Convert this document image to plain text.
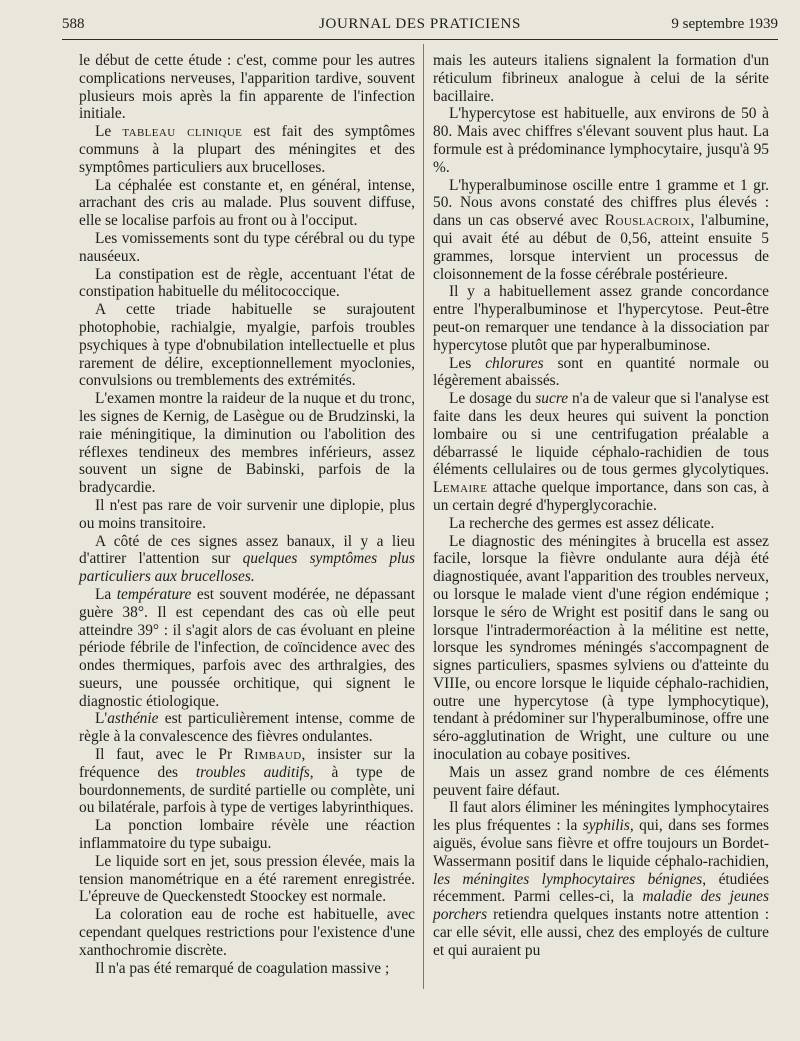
588	JOURNAL DES PRATICIENS	9 septembre 1939

le début de cette étude : c'est, comme pour les autres complications nerveuses, l'apparition tardive, souvent plusieurs mois après la fin apparente de l'infection initiale.

Le tableau clinique est fait des symptômes communs à la plupart des méningites et des symptômes particuliers aux brucelloses.

La céphalée est constante et, en général, intense, arrachant des cris au malade. Plus souvent diffuse, elle se localise parfois au front ou à l'occiput.

Les vomissements sont du type cérébral ou du type nauséeux.

La constipation est de règle, accentuant l'état de constipation habituelle du mélitococcique.

A cette triade habituelle se surajoutent photophobie, rachialgie, myalgie, parfois troubles psychiques à type d'obnubilation intellectuelle et plus rarement de délire, exceptionnellement myoclonies, convulsions ou tremblements des extrémités.

L'examen montre la raideur de la nuque et du tronc, les signes de Kernig, de Lasègue ou de Brudzinski, la raie méningitique, la diminution ou l'abolition des réflexes tendineux des membres inférieurs, assez souvent un signe de Babinski, parfois de la bradycardie.

Il n'est pas rare de voir survenir une diplopie, plus ou moins transitoire.

A côté de ces signes assez banaux, il y a lieu d'attirer l'attention sur quelques symptômes plus particuliers aux brucelloses.

La température est souvent modérée, ne dépassant guère 38°. Il est cependant des cas où elle peut atteindre 39° : il s'agit alors de cas évoluant en pleine période fébrile de l'infection, de coïncidence avec des ondes thermiques, parfois avec des arthralgies, des sueurs, une poussée orchitique, qui signent le diagnostic étiologique.

L'asthénie est particulièrement intense, comme de règle à la convalescence des fièvres ondulantes.

Il faut, avec le Pr Rimbaud, insister sur la fréquence des troubles auditifs, à type de bourdonnements, de surdité partielle ou complète, uni ou bilatérale, parfois à type de vertiges labyrinthiques.

La ponction lombaire révèle une réaction inflammatoire du type subaigu.

Le liquide sort en jet, sous pression élevée, mais la tension manométrique en a été rarement enregistrée. L'épreuve de Queckenstedt Stoockey est normale.

La coloration eau de roche est habituelle, avec cependant quelques restrictions pour l'existence d'une xanthochromie discrète.

Il n'a pas été remarqué de coagulation massive ;

mais les auteurs italiens signalent la formation d'un réticulum fibrineux analogue à celui de la sérite bacillaire.

L'hypercytose est habituelle, aux environs de 50 à 80. Mais avec chiffres s'élevant souvent plus haut. La formule est à prédominance lymphocytaire, jusqu'à 95 %.

L'hyperalbuminose oscille entre 1 gramme et 1 gr. 50. Nous avons constaté des chiffres plus élevés : dans un cas observé avec Rouslacroix, l'albumine, qui avait été au début de 0,56, atteint ensuite 5 grammes, lorsque intervient un processus de cloisonnement de la fosse cérébrale postérieure.

Il y a habituellement assez grande concordance entre l'hyperalbuminose et l'hypercytose. Peut-être peut-on remarquer une tendance à la dissociation par hypercytose plutôt que par hyperalbuminose.

Les chlorures sont en quantité normale ou légèrement abaissés.

Le dosage du sucre n'a de valeur que si l'analyse est faite dans les deux heures qui suivent la ponction lombaire ou si une centrifugation préalable a débarrassé le liquide céphalo-rachidien de tous éléments cellulaires ou de tous germes glycolytiques. Lemaire attache quelque importance, dans son cas, à un certain degré d'hyperglycorachie.

La recherche des germes est assez délicate.

Le diagnostic des méningites à brucella est assez facile, lorsque la fièvre ondulante aura déjà été diagnostiquée, avant l'apparition des troubles nerveux, ou lorsque le malade vient d'une région endémique ; lorsque le séro de Wright est positif dans le sang ou lorsque l'intradermoréaction à la mélitine est nette, lorsque les syndromes méningés s'accompagnent de signes particuliers, spasmes sylviens ou d'atteinte du VIIIe, ou encore lorsque le liquide céphalo-rachidien, outre une hypercytose (à type lymphocytique), tendant à prédominer sur l'hyperalbuminose, offre une séro-agglutination de Wright, une culture ou une inoculation au cobaye positives.

Mais un assez grand nombre de ces éléments peuvent faire défaut.

Il faut alors éliminer les méningites lymphocytaires les plus fréquentes : la syphilis, qui, dans ses formes aiguës, évolue sans fièvre et offre toujours un Bordet-Wassermann positif dans le liquide céphalo-rachidien, les méningites lymphocytaires bénignes, étudiées récemment. Parmi celles-ci, la maladie des jeunes porchers retiendra quelques instants notre attention : car elle sévit, elle aussi, chez des employés de culture et qui auraient pu
